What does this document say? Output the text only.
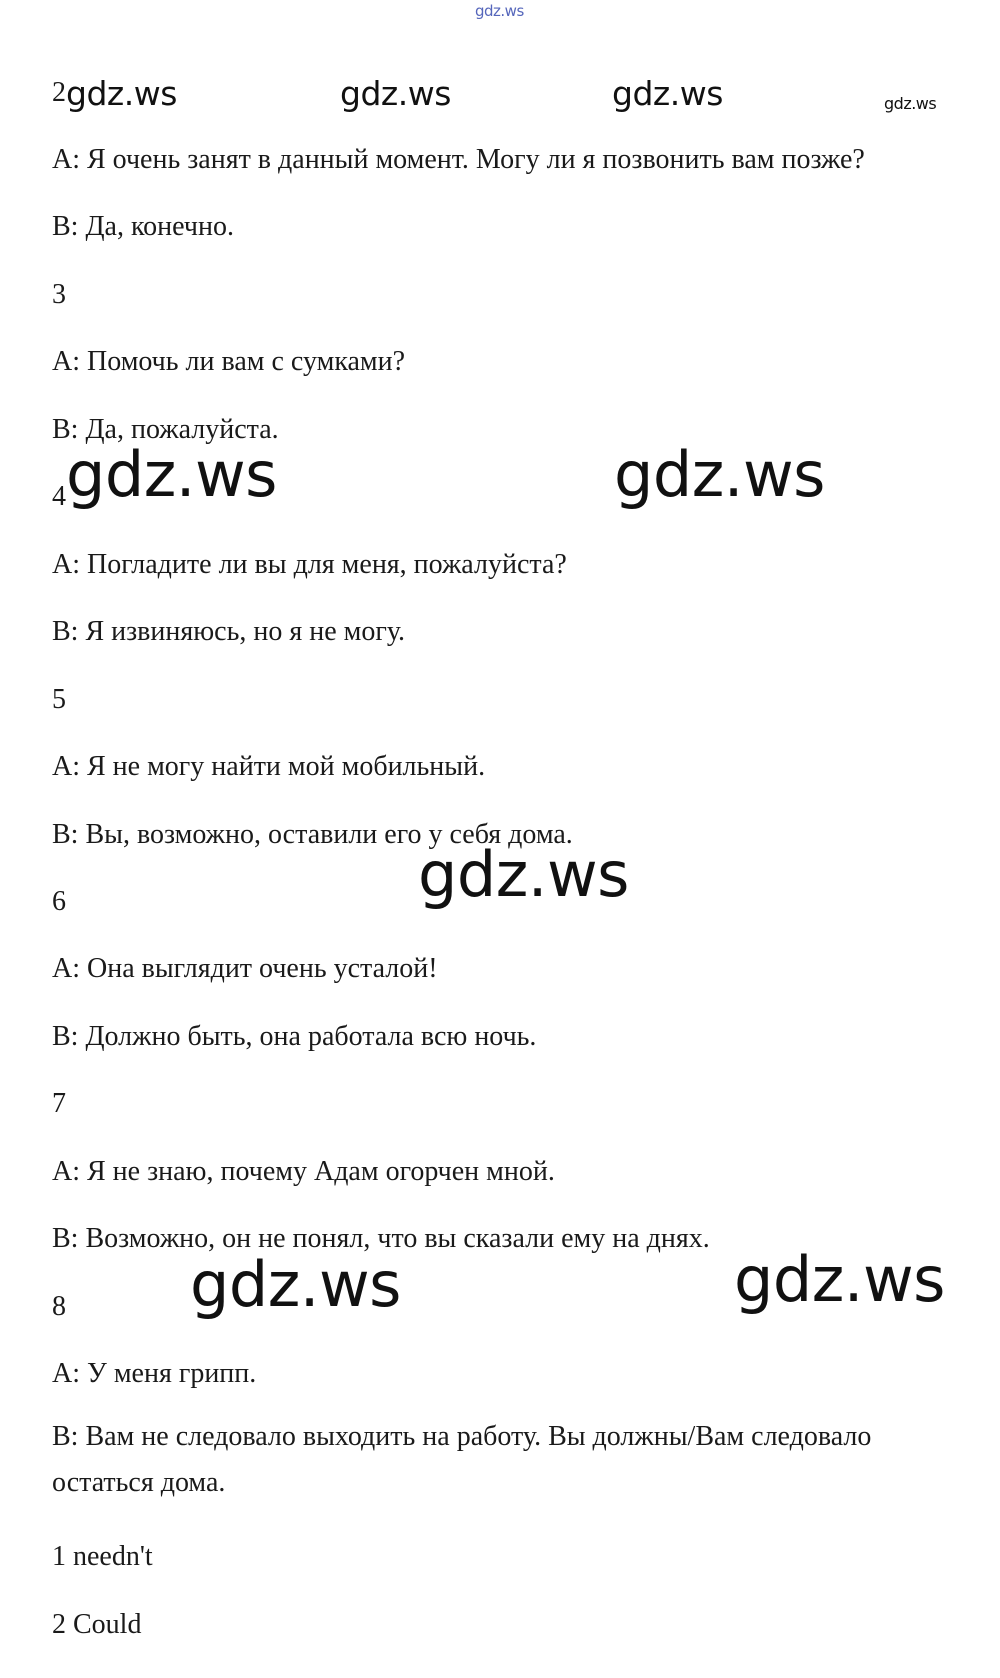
gdz.ws
gdz.ws	gdz.ws	gdz.ws	gdz.ws
2
A: Я очень занят в данный момент. Могу ли я позвонить вам позже?
B: Да, конечно.
3
A: Помочь ли вам с сумками?
B: Да, пожалуйста.
4 gdz.ws	gdz.ws
A: Погладите ли вы для меня, пожалуйста?
B: Я извиняюсь, но я не могу.
5
A: Я не могу найти мой мобильный.
B: Вы, возможно, оставили его у себя дома.
gdz.ws
6
A: Она выглядит очень усталой!
B: Должно быть, она работала всю ночь.
7
A: Я не знаю, почему Адам огорчен мной.
B: Возможно, он не понял, что вы сказали ему на днях.
gdz.ws	gdz.ws
8
A: У меня грипп.
B: Вам не следовало выходить на работу. Вы должны/Вам следовало остаться дома.
1 needn't
2 Could
